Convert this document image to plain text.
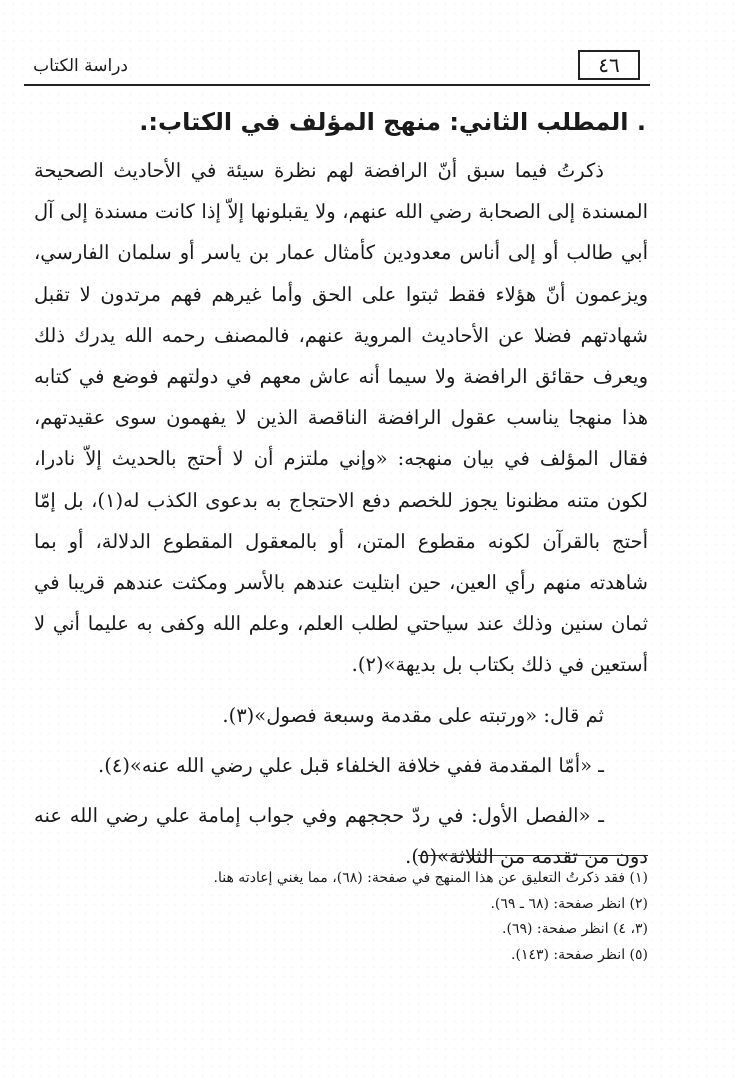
٤٦
دراسة الكتاب
. المطلب الثاني: منهج المؤلف في الكتاب:.

ذكرتُ فيما سبق أنّ الرافضة لهم نظرة سيئة في الأحاديث الصحيحة المسندة إلى الصحابة رضي الله عنهم، ولا يقبلونها إلاّ إذا كانت مسندة إلى آل أبي طالب أو إلى أناس معدودين كأمثال عمار بن ياسر أو سلمان الفارسي، ويزعمون أنّ هؤلاء فقط ثبتوا على الحق وأما غيرهم فهم مرتدون لا تقبل شهادتهم فضلا عن الأحاديث المروية عنهم، فالمصنف رحمه الله يدرك ذلك ويعرف حقائق الرافضة ولا سيما أنه عاش معهم في دولتهم فوضع في كتابه هذا منهجا يناسب عقول الرافضة الناقصة الذين لا يفهمون سوى عقيدتهم، فقال المؤلف في بيان منهجه: «وإني ملتزم أن لا أحتج بالحديث إلاّ نادرا، لكون متنه مظنونا يجوز للخصم دفع الاحتجاج به بدعوى الكذب له(١)، بل إمّا أحتج بالقرآن لكونه مقطوع المتن، أو بالمعقول المقطوع الدلالة، أو بما شاهدته منهم رأي العين، حين ابتليت عندهم بالأسر ومكثت عندهم قريبا في ثمان سنين وذلك عند سياحتي لطلب العلم، وعلم الله وكفى به عليما أني لا أستعين في ذلك بكتاب بل بديهة»(٢).

ثم قال: «ورتبته على مقدمة وسبعة فصول»(٣).

ـ «أمّا المقدمة ففي خلافة الخلفاء قبل علي رضي الله عنه»(٤).

ـ «الفصل الأول: في ردّ حججهم وفي جواب إمامة علي رضي الله عنه دون من تقدمه من الثلاثة»(٥).

(١) فقد ذكرتُ التعليق عن هذا المنهج في صفحة: (٦٨)، مما يغني إعادته هنا.
(٢) انظر صفحة: (٦٨ ـ ٦٩).
(٣، ٤) انظر صفحة: (٦٩).
(٥) انظر صفحة: (١٤٣).
